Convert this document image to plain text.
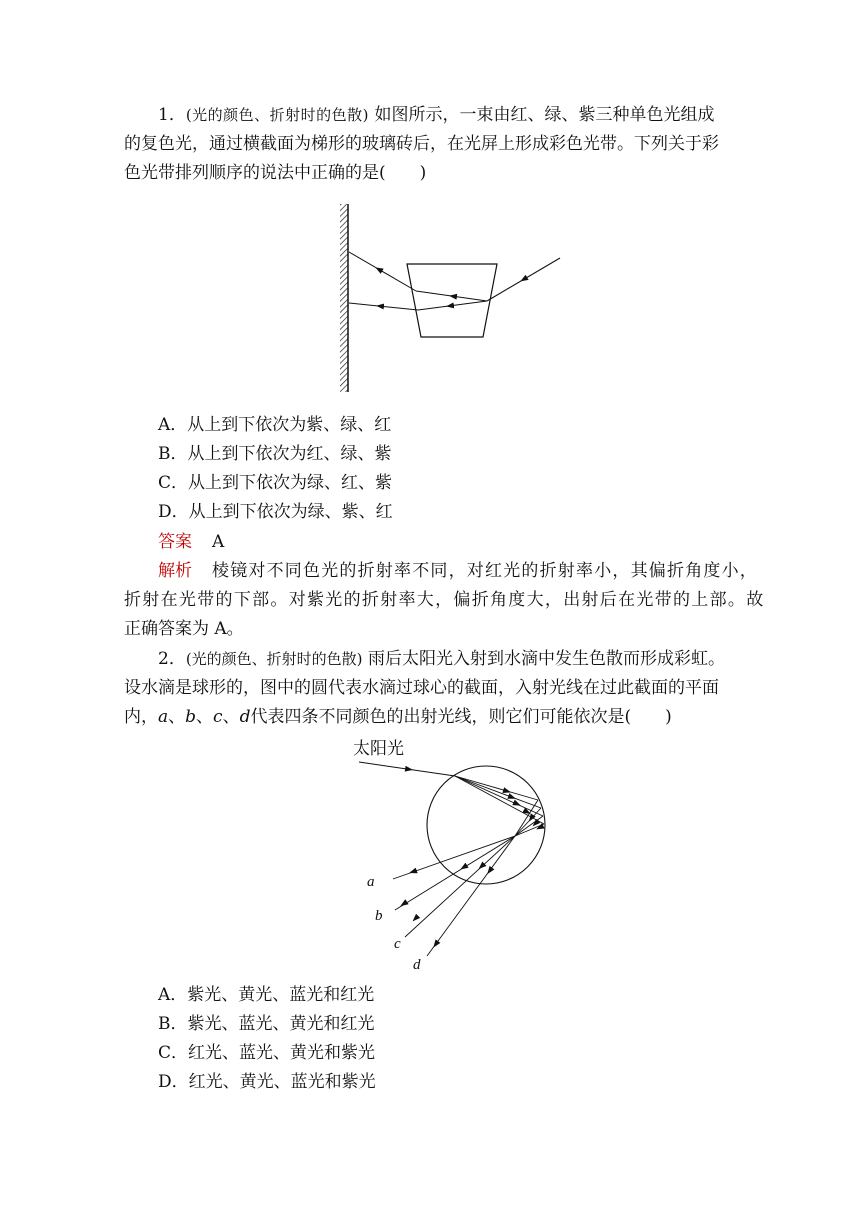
1．(光的颜色、折射时的色散) 如图所示，一束由红、绿、紫三种单色光组成
的复色光，通过横截面为梯形的玻璃砖后，在光屏上形成彩色光带。下列关于彩
色光带排列顺序的说法中正确的是(　　)
A．从上到下依次为紫、绿、红
B．从上到下依次为红、绿、紫
C．从上到下依次为绿、红、紫
D．从上到下依次为绿、紫、红
答案 A
解析 棱镜对不同色光的折射率不同，对红光的折射率小，其偏折角度小，
折射在光带的下部。对紫光的折射率大，偏折角度大，出射后在光带的上部。故
正确答案为 A。
2．(光的颜色、折射时的色散) 雨后太阳光入射到水滴中发生色散而形成彩虹。
设水滴是球形的，图中的圆代表水滴过球心的截面，入射光线在过此截面的平面
内，a、b、c、d代表四条不同颜色的出射光线，则它们可能依次是(　　)
太阳光
a
b
c
d
A．紫光、黄光、蓝光和红光
B．紫光、蓝光、黄光和红光
C．红光、蓝光、黄光和紫光
D．红光、黄光、蓝光和紫光
